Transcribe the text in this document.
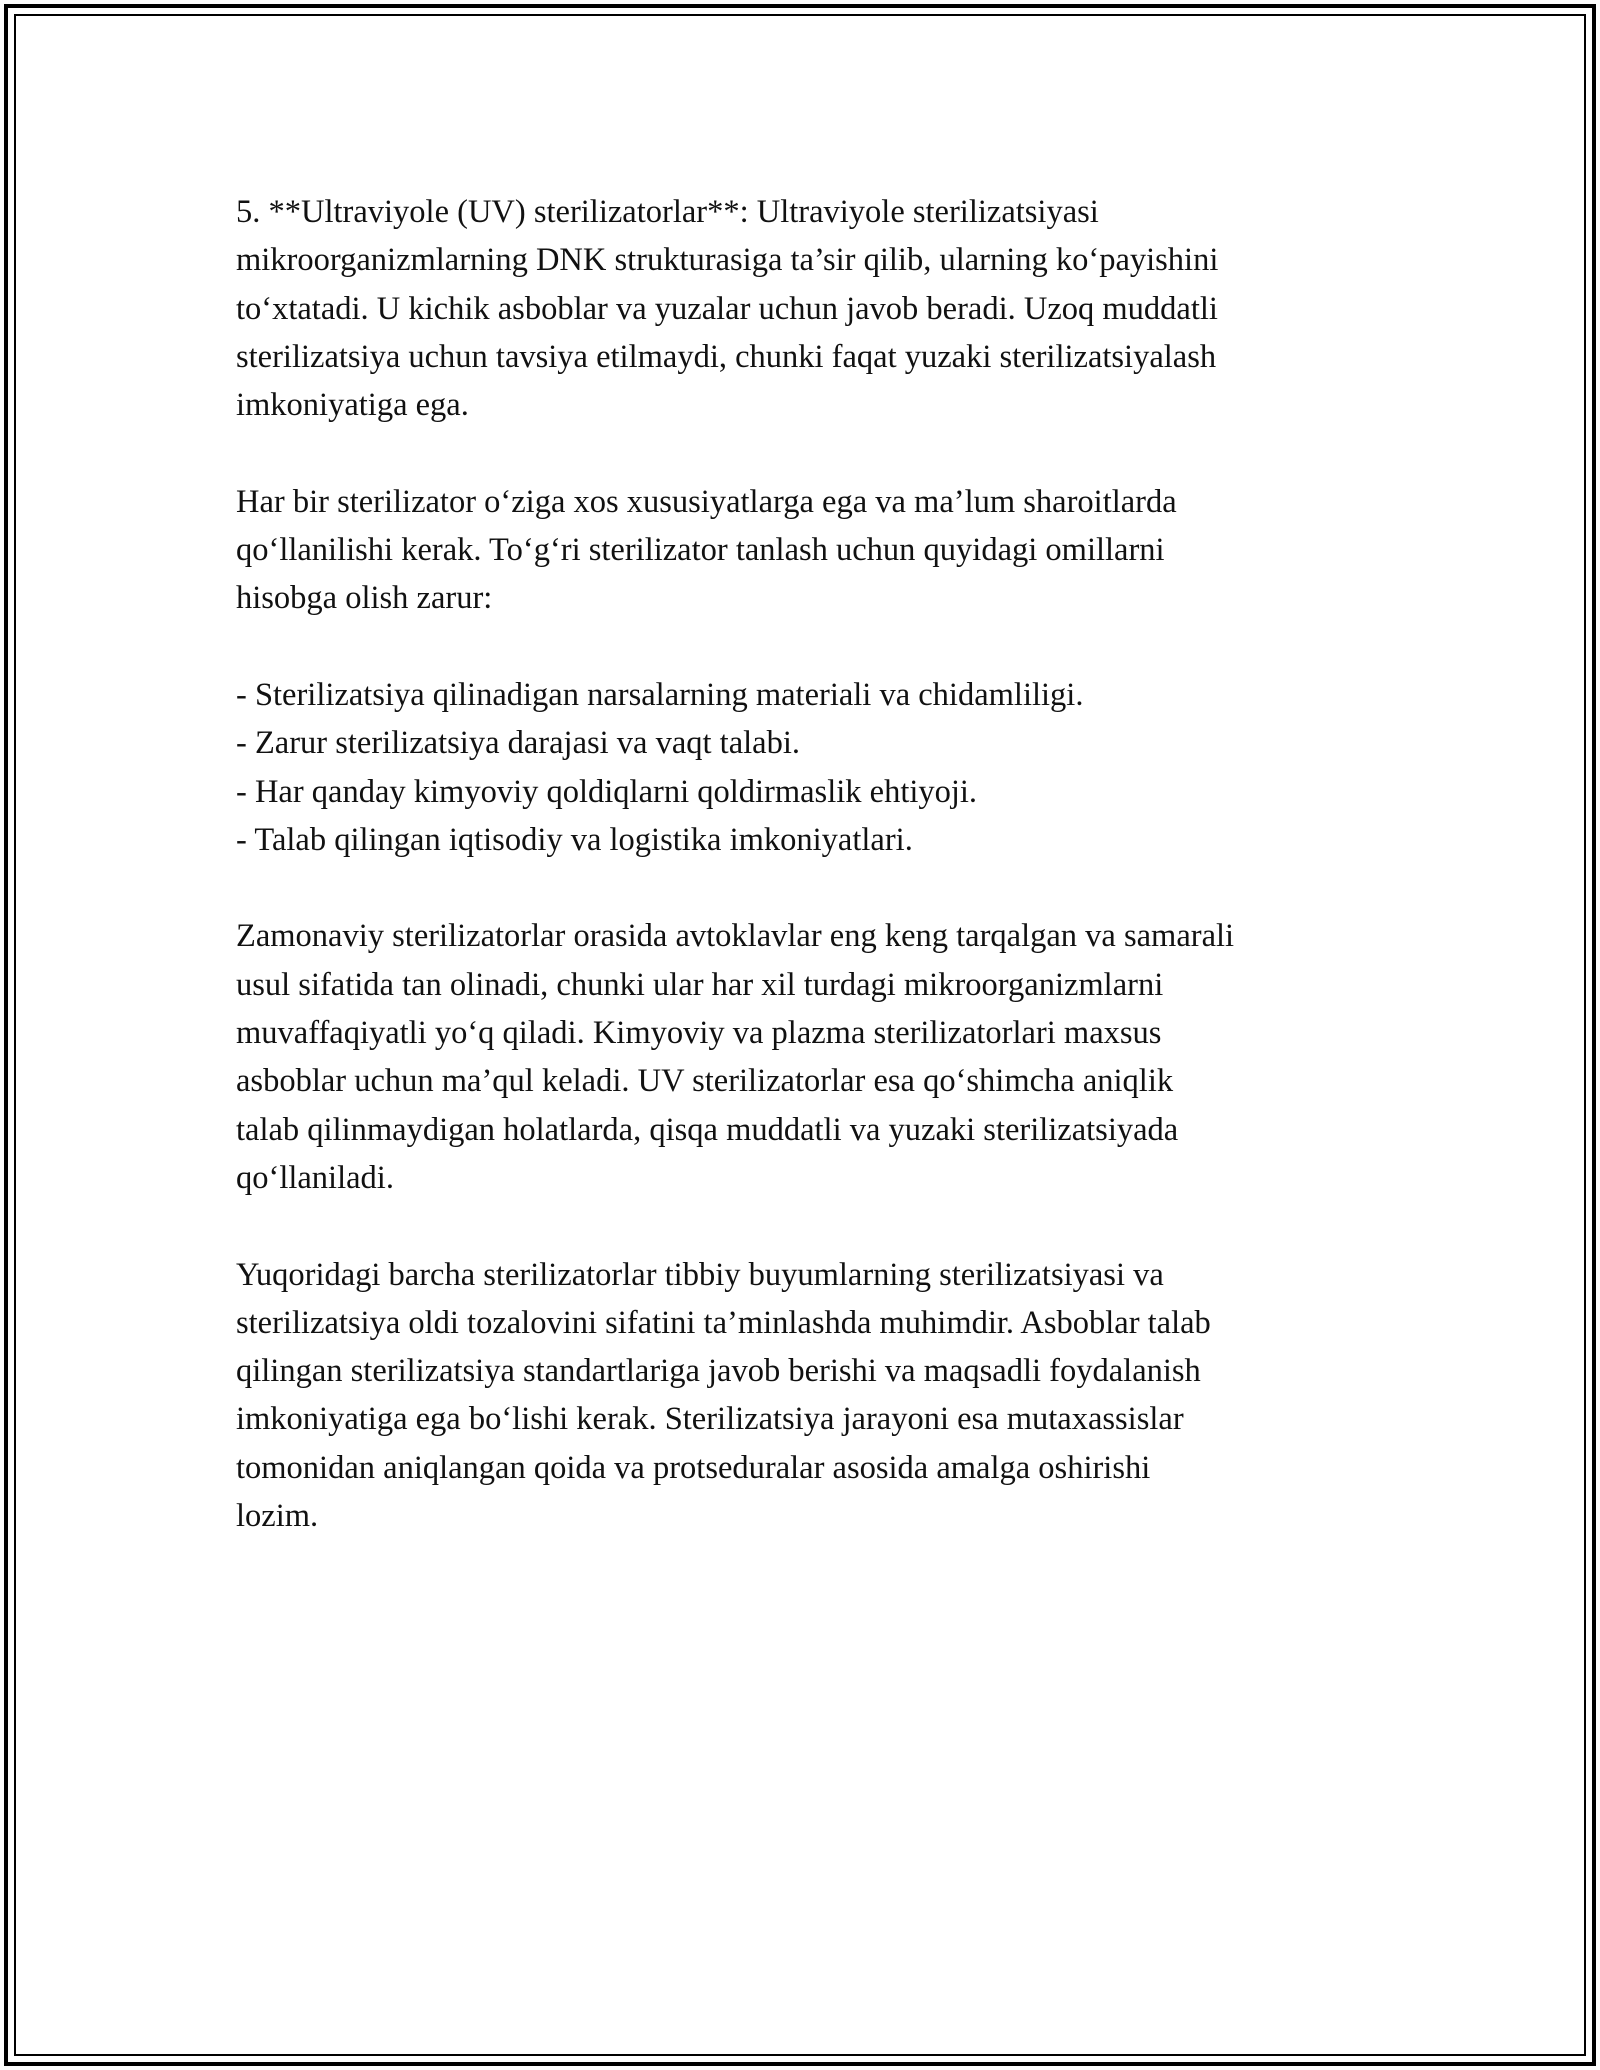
5. **Ultraviyole (UV) sterilizatorlar**: Ultraviyole sterilizatsiyasi
mikroorganizmlarning DNK strukturasiga ta’sir qilib, ularning ko‘payishini
to‘xtatadi. U kichik asboblar va yuzalar uchun javob beradi. Uzoq muddatli
sterilizatsiya uchun tavsiya etilmaydi, chunki faqat yuzaki sterilizatsiyalash
imkoniyatiga ega.

Har bir sterilizator o‘ziga xos xususiyatlarga ega va ma’lum sharoitlarda
qo‘llanilishi kerak. To‘g‘ri sterilizator tanlash uchun quyidagi omillarni
hisobga olish zarur:

- Sterilizatsiya qilinadigan narsalarning materiali va chidamliligi.
- Zarur sterilizatsiya darajasi va vaqt talabi.
- Har qanday kimyoviy qoldiqlarni qoldirmaslik ehtiyoji.
- Talab qilingan iqtisodiy va logistika imkoniyatlari.

Zamonaviy sterilizatorlar orasida avtoklavlar eng keng tarqalgan va samarali
usul sifatida tan olinadi, chunki ular har xil turdagi mikroorganizmlarni
muvaffaqiyatli yo‘q qiladi. Kimyoviy va plazma sterilizatorlari maxsus
asboblar uchun ma’qul keladi. UV sterilizatorlar esa qo‘shimcha aniqlik
talab qilinmaydigan holatlarda, qisqa muddatli va yuzaki sterilizatsiyada
qo‘llaniladi.

Yuqoridagi barcha sterilizatorlar tibbiy buyumlarning sterilizatsiyasi va
sterilizatsiya oldi tozalovini sifatini ta’minlashda muhimdir. Asboblar talab
qilingan sterilizatsiya standartlariga javob berishi va maqsadli foydalanish
imkoniyatiga ega bo‘lishi kerak. Sterilizatsiya jarayoni esa mutaxassislar
tomonidan aniqlangan qoida va protseduralar asosida amalga oshirishi
lozim.
